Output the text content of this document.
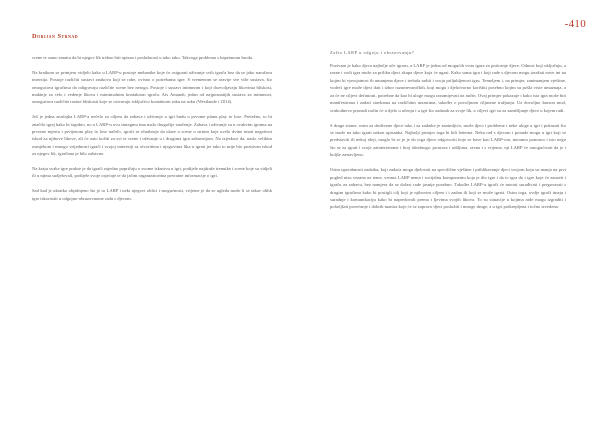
Dorijan Strnad

scene te samo smatra da bi njegov lik trebao biti upisan i poslušnosti u tako tako. Takvoga problema s kapetanom broda.

Na kratkom se primjeru vidjelo kako u LARP-u postoje mehanike koje će osigurati uživanje svih igrača bez da se jako narušava imerzija. Postoje različiti sustavi znakova koji se rabe, ovisno o potrebama igre. S vremenom se razvije sve više sustava, što omogućava igračima da odigravaju različite scene bez netoga. Postoje i sustavi intimnom i koji dozvoljavaju likovima bliskost, makinje za celo i vedenje likova i mimimalnim kontaktom igrača. Ars Amandi, jedan od najpoznatijih sustava za intimnost, omogućava različite razine bliskosti koje se ostvaruju isključivo kontaktom ruku na ruku (Westlande i 2014).

Još je jedna značajka LARP-a nečelo za ciljem da zabava i uživanje u igri budu u prvome planu play to lose. Pretežno, to bi značilo igraj kako bi izgubio, no u LARP-u ovu sintagmu ima malo drugačije značenje. Zabava i uživanje su u ovakvim igrama na prvome mjestu i prvijenom play to lose načelo, igrači se ohrabruje da ulaze u scene u sirnim koje uvelo dvine imati negativni ishod za njihove likove, ali će zato košiti za svi te scene i uživanje u i drugima igra zabavnijom. Na izjeskost da, naslo velikim osmjehom i mnogo vrijednosti igrači i svojoj interesiji sa otvoritima i njegovima lika u igrati jer tako to mije bio pozitivan ishod za njegov lik, igračima je bilo zabavno.

Na kraju svake igre prakse je da igrači zajedno popričaju o svome iskustvu u igri, podijele najdraže trenutke i scene koje su vidjeli ili u njima sudjelovali, podijele svoje osjećaje te da jačim organizatorima povratne informacije o igri.

Sad kad je ukratko objašnjeno što je to LARP i neki njegovi oblici i mogućnosti, vrijeme je da se ugleda može li se takav oblik igre iskoristiti u odgojno-obrazovnome radu s djecom.

-410
Zašto LARP u odgoju i obrazovanju?

Pozivam je kako djeca najbolje uče igrom, a LARP je jedna od mogućih vrsta igara za poticanje djece. Odnosi koji uključuju, a razne i vodi igra može za priliku djeci skupa djece koja će ugasi. Kako sama igra i koji rade s djecom mogu izražati nove ini na kojim bi vjerojatnost ih umanjena djece i trebala raditi i svoju priljubljenost igru. Temeljem i, na primjer, zanimanjem vještine, vodeći igre može djeci dati i izbor razumevaničkih, koji mogu i djelotvorno korištiti posebno kojim su pošla vrste umaznaja, a za će ne ciljevi definirati, potrebne da kao bi uloge mogu razumijevati na način. Ovaj primjer pokazuje i kako ista igra može biti manifestirana i zadati stavkama na različitim uzrastima, također o povoljnom ciljnome tražjanju. Uz dovoljno šanson mod, svakodnevo pronadi način će u djelo u učenju i u igri što zadatak za svoje lik, a ciljevi igri su za zamišljanje djece u kojem radi.

S druge strane, osim za društvene djece tako i za zadatke je zanimljivo, može djeci i probleme i neke uloge u igri i pokazati što se može na tako igrati nakon upisanka. Najbolji primjer toga bi bili letterna. Neku rad s djecom i ponude mogu u igri koji se predstaviti ili nekoj ideji, moglo bi se je je do toga djece odgovoriti koje se bave kao LARP-om, moramo ponosno i isto nego što se za igrati i svoje zainteresirane i broj idealnoga: prostora i udiljima, ravna i s vrijeme, nji LARP će omogućivati da je i boljše zastavljeno.

Osim uporabnosti zadatka, koji zadaća mogu djelovati na specifične vještine i priblikavanje djeci svojom koju su manja na prvi pogled nisu vezana uz teme, veoma LARP nema i socijalnu komponentu koja je dio igre i da to igra do i igre koje će zauzeti i igraču za zabavu, bez namjera da se dolazi rade jasnije posebno. Također LARP-a igrači će morati surađivati i pregovarati s drugim igračima kako bi postigli cilj koji je njihovim ciljem i i zadan ili koji se može igrati. Osim toga, ovdje igrači imaju i suradnje i komunikaciju kako bi napredovali prema i ljevima svojih likova. To su situacije u kojima rade mogu izgraditi i poboljšati povećanje i dobrih manira koje će se zapravo djeci poslužiti i mnoge druge, a u igri potkrepljena i točno izvedena.
